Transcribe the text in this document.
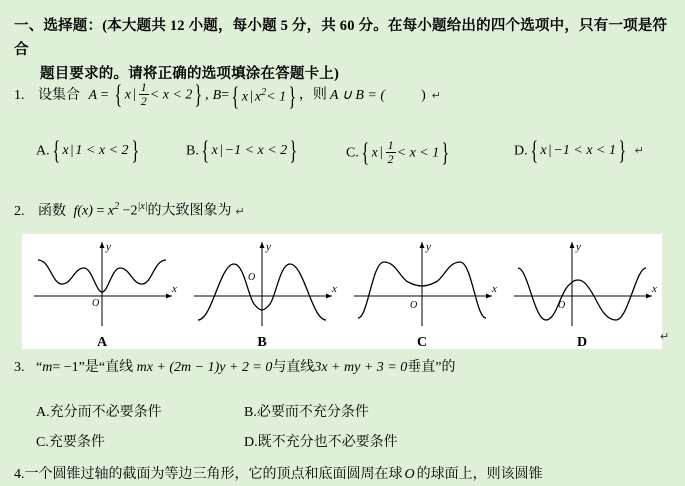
一、选择题：(本大题共 12 小题，每小题 5 分，共 60 分。在每小题给出的四个选项中，只有一项是符合
题目要求的。请将正确的选项填涂在答题卡上)
1. 设集合 A = { x | $\frac{1}{2} < x < 2$} , B={ x | $x^2< 1$} ，则 A ∪ B = (	) ↵
A.{ x | 1 < x < 2}	B.{ x | −1 < x < 2}	C.{ x | $\frac{1}{2} < x < 1$}	D.{ x | −1 < x < 1} ↵
2. 函数 $f(x) = x^2 -2^{|x|}$的大致图象为 ↵
y
x
O
A
y
x
O
B
y
x
O
C
y
x
O
D	↵
3. “m= −1”是“直线 mx + (2m − 1)y + 2 = 0与直线3x + my + 3 = 0垂直”的
A.充分而不必要条件	B.必要而不充分条件
C.充要条件	D.既不充分也不必要条件
4.一个圆锥过轴的截面为等边三角形，它的顶点和底面圆周在球 O 的球面上，则该圆锥
